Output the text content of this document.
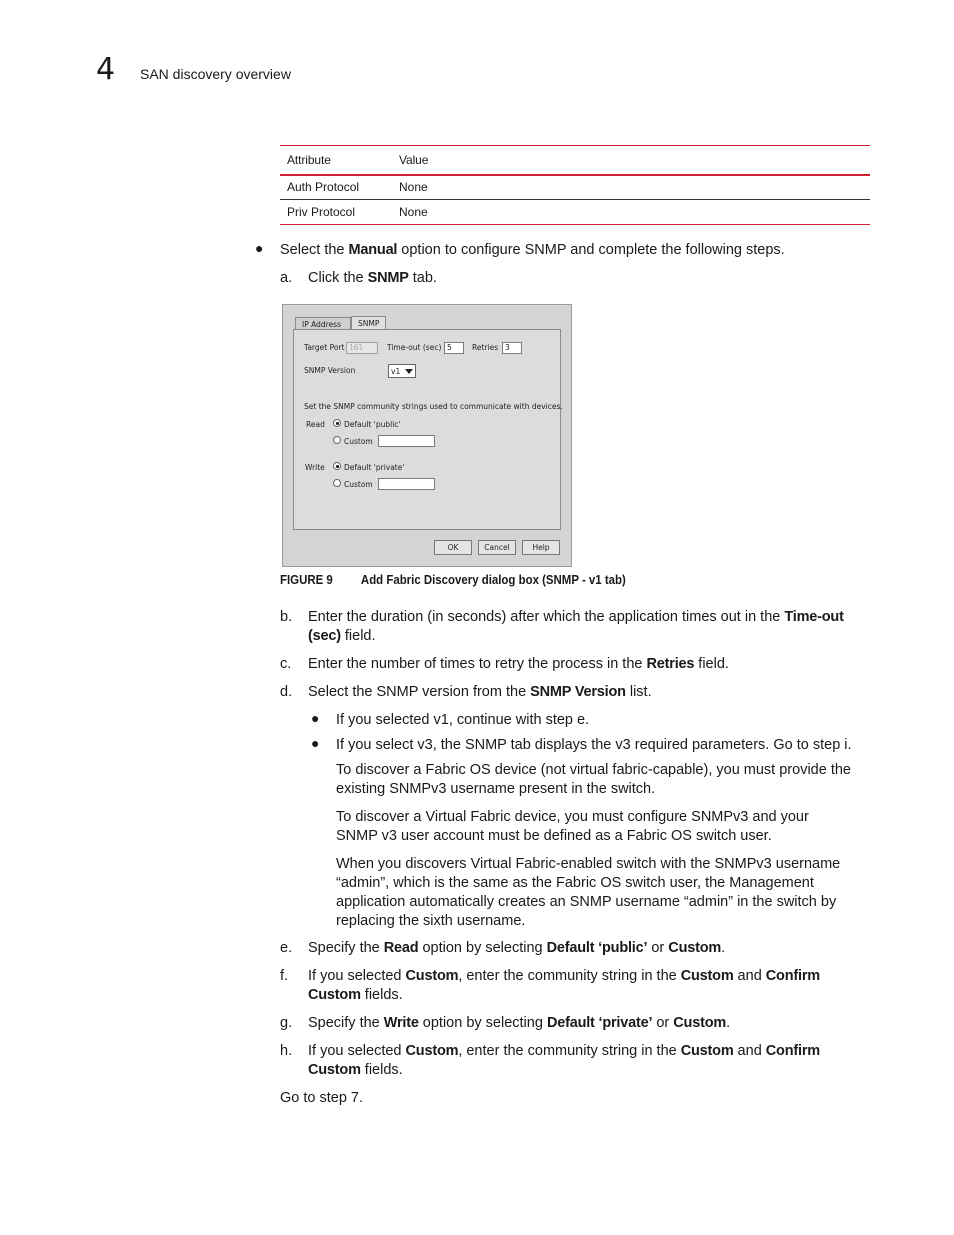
4 SAN discovery overview
Attribute	Value
Auth Protocol	None
Priv Protocol	None
● Select the Manual option to configure SNMP and complete the following steps.
a. Click the SNMP tab.
IP Address	SNMP
Target Port 161	Time-out (sec) 5	Retries 3
SNMP Version	v1
Set the SNMP community strings used to communicate with devices.
Read	Default 'public'
Custom
Write	Default 'private'
Custom
OK	Cancel	Help
FIGURE 9 Add Fabric Discovery dialog box (SNMP - v1 tab)
b. Enter the duration (in seconds) after which the application times out in the Time-out
(sec) field.
c. Enter the number of times to retry the process in the Retries field.
d. Select the SNMP version from the SNMP Version list.
● If you selected v1, continue with step e.
● If you select v3, the SNMP tab displays the v3 required parameters. Go to step i.
To discover a Fabric OS device (not virtual fabric-capable), you must provide the
existing SNMPv3 username present in the switch.
To discover a Virtual Fabric device, you must configure SNMPv3 and your
SNMP v3 user account must be defined as a Fabric OS switch user.
When you discovers Virtual Fabric-enabled switch with the SNMPv3 username
“admin”, which is the same as the Fabric OS switch user, the Management
application automatically creates an SNMP username “admin” in the switch by
replacing the sixth username.
e. Specify the Read option by selecting Default ‘public’ or Custom.
f. If you selected Custom, enter the community string in the Custom and Confirm
Custom fields.
g. Specify the Write option by selecting Default ‘private’ or Custom.
h. If you selected Custom, enter the community string in the Custom and Confirm
Custom fields.
Go to step 7.
